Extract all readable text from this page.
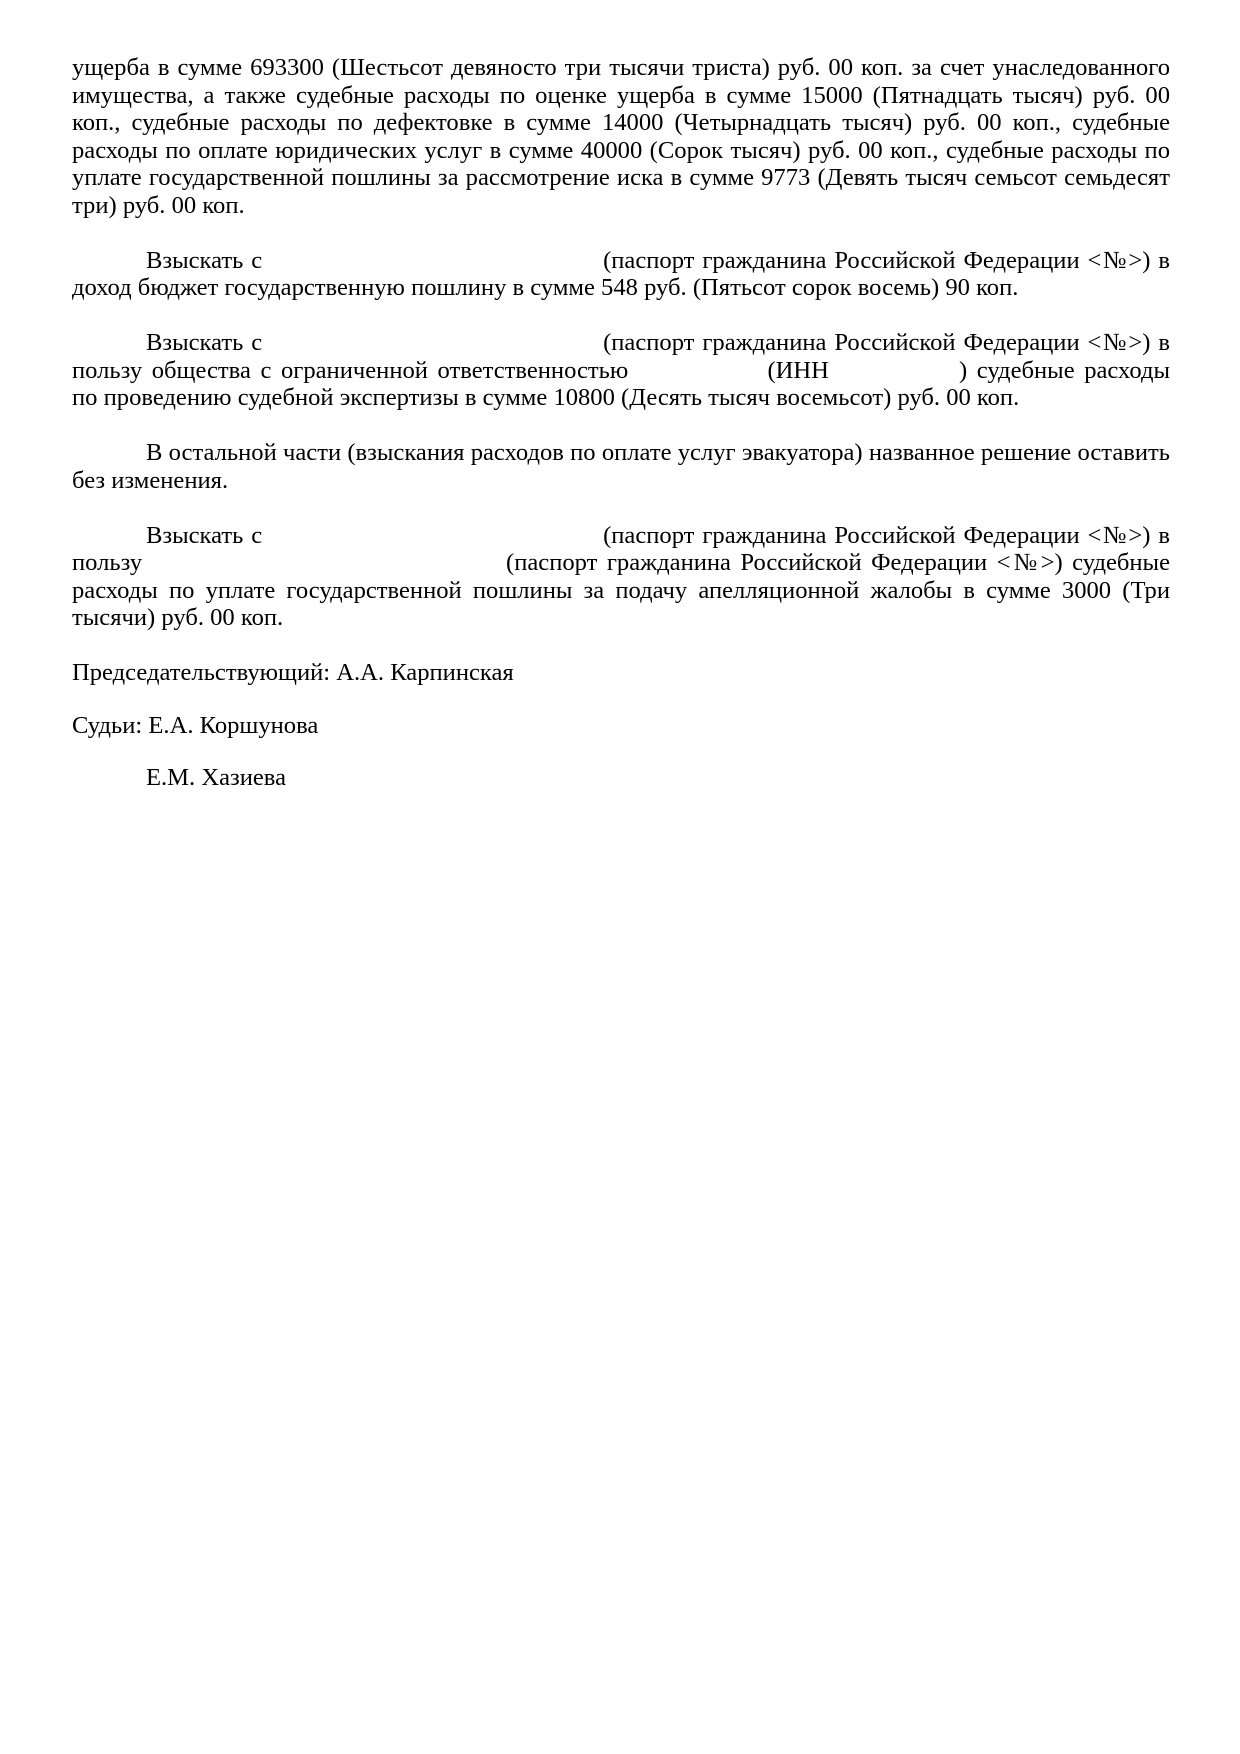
ущерба в сумме 693300 (Шестьсот девяносто три тысячи триста) руб. 00 коп. за счет унаследованного имущества, а также судебные расходы по оценке ущерба в сумме 15000 (Пятнадцать тысяч) руб. 00 коп., судебные расходы по дефектовке в сумме 14000 (Четырнадцать тысяч) руб. 00 коп., судебные расходы по оплате юридических услуг в сумме 40000 (Сорок тысяч) руб. 00 коп., судебные расходы по уплате государственной пошлины за рассмотрение иска в сумме 9773 (Девять тысяч семьсот семьдесят три) руб. 00 коп.

Взыскать с	(паспорт гражданина Российской Федерации <№>) в доход бюджет государственную пошлину в сумме 548 руб. (Пятьсот сорок восемь) 90 коп.

Взыскать с	(паспорт гражданина Российской Федерации <№>) в пользу общества с ограниченной ответственностью	(ИНН	) судебные расходы по проведению судебной экспертизы в сумме 10800 (Десять тысяч восемьсот) руб. 00 коп.

В остальной части (взыскания расходов по оплате услуг эвакуатора) названное решение оставить без изменения.

Взыскать с	(паспорт гражданина Российской Федерации <№>) в пользу	(паспорт гражданина Российской Федерации <№>) судебные расходы по уплате государственной пошлины за подачу апелляционной жалобы в сумме 3000 (Три тысячи) руб. 00 коп.

Председательствующий: А.А. Карпинская

Судьи: Е.А. Коршунова

Е.М. Хазиева
